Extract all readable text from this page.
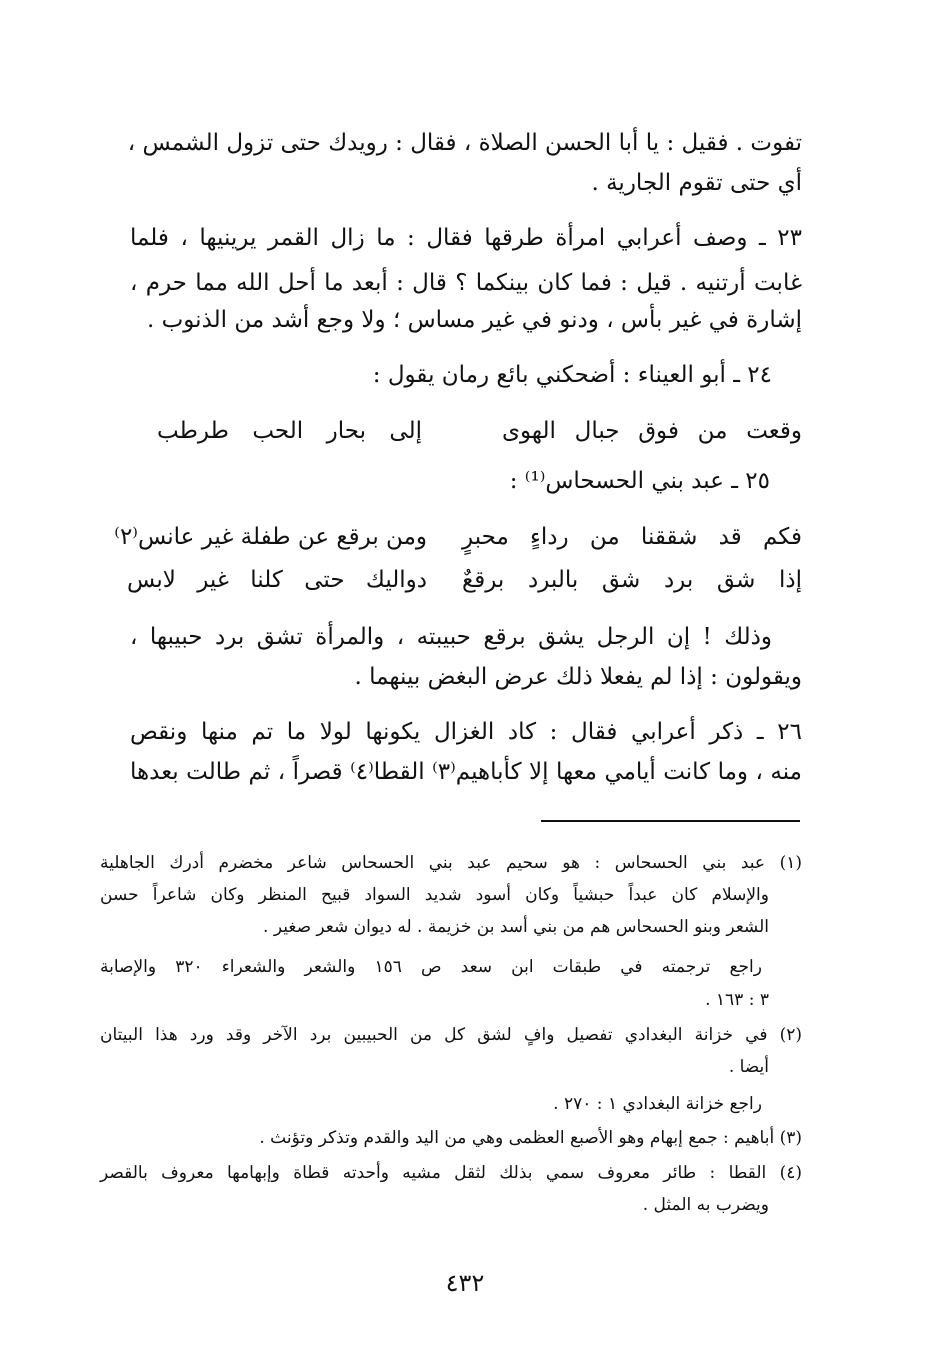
تفوت . فقيل : يا أبا الحسن الصلاة ، فقال : رويدك حتى تزول الشمس ،
أي حتى تقوم الجارية .
٢٣ ـ وصف أعرابي امرأة طرقها فقال : ما زال القمر يرينيها ، فلما
غابت أرتنيه . قيل : فما كان بينكما ؟ قال : أبعد ما أحل الله مما حرم ،
إشارة في غير بأس ، ودنو في غير مساس ؛ ولا وجع أشد من الذنوب .
٢٤ ـ أبو العيناء : أضحكني بائع رمان يقول :
وقعت من فوق جبال الهوى
إلى بحار الحب طرطب
٢٥ ـ عبد بني الحسحاس⁽¹⁾ :
فكم قد شققنا من رداءٍ محبرٍ
ومن برقع عن طفلة غير عانس⁽٢⁾
إذا شق برد شق بالبرد برقعٌ
دواليك حتى كلنا غير لابس
وذلك ! إن الرجل يشق برقع حبيبته ، والمرأة تشق برد حبيبها ،
ويقولون : إذا لم يفعلا ذلك عرض البغض بينهما .
٢٦ ـ ذكر أعرابي فقال : كاد الغزال يكونها لولا ما تم منها ونقص
منه ، وما كانت أيامي معها إلا كأباهيم⁽٣⁾ القطا⁽٤⁾ قصراً ، ثم طالت بعدها
(١) عبد بني الحسحاس : هو سحيم عبد بني الحسحاس شاعر مخضرم أدرك الجاهلية
والإسلام كان عبداً حبشياً وكان أسود شديد السواد قبيح المنظر وكان شاعراً حسن
الشعر وبنو الحسحاس هم من بني أسد بن خزيمة . له ديوان شعر صغير .
راجع ترجمته في طبقات ابن سعد ص ١٥٦ والشعر والشعراء ٣٢٠ والإصابة
٣ : ١٦٣ .
(٢) في خزانة البغدادي تفصيل وافٍ لشق كل من الحبيبين برد الآخر وقد ورد هذا البيتان
أيضا .
راجع خزانة البغدادي ١ : ٢٧٠ .
(٣) أباهيم : جمع إبهام وهو الأصبع العظمى وهي من اليد والقدم وتذكر وتؤنث .
(٤) القطا : طائر معروف سمي بذلك لثقل مشيه وأحدته قطاة وإبهامها معروف بالقصر
ويضرب به المثل .
٤٣٢
